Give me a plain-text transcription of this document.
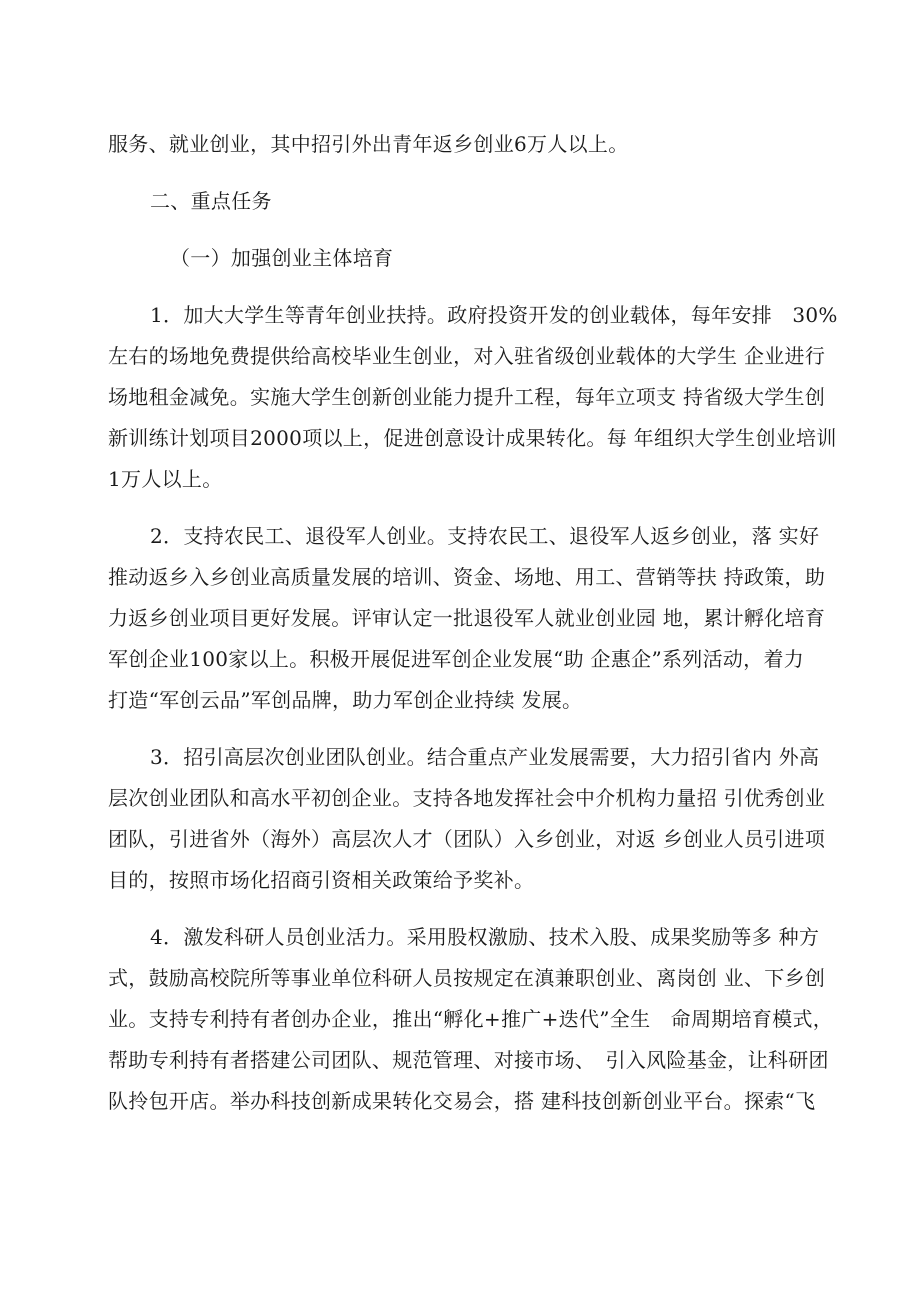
服务、就业创业，其中招引外出青年返乡创业6万人以上。

二、重点任务

（一）加强创业主体培育

1．加大大学生等青年创业扶持。政府投资开发的创业载体，每年安排　30%

左右的场地免费提供给高校毕业生创业，对入驻省级创业载体的大学生 企业进行

场地租金减免。实施大学生创新创业能力提升工程，每年立项支 持省级大学生创

新训练计划项目2000项以上，促进创意设计成果转化。每 年组织大学生创业培训

1万人以上。

2．支持农民工、退役军人创业。支持农民工、退役军人返乡创业，落 实好

推动返乡入乡创业高质量发展的培训、资金、场地、用工、营销等扶 持政策，助

力返乡创业项目更好发展。评审认定一批退役军人就业创业园 地，累计孵化培育

军创企业100家以上。积极开展促进军创企业发展“助 企惠企”系列活动，着力

打造“军创云品”军创品牌，助力军创企业持续 发展。

3．招引高层次创业团队创业。结合重点产业发展需要，大力招引省内 外高

层次创业团队和高水平初创企业。支持各地发挥社会中介机构力量招 引优秀创业

团队，引进省外（海外）高层次人才（团队）入乡创业，对返 乡创业人员引进项

目的，按照市场化招商引资相关政策给予奖补。

4．激发科研人员创业活力。采用股权激励、技术入股、成果奖励等多 种方

式，鼓励高校院所等事业单位科研人员按规定在滇兼职创业、离岗创 业、下乡创

业。支持专利持有者创办企业，推出“孵化+推广+迭代”全生　命周期培育模式，

帮助专利持有者搭建公司团队、规范管理、对接市场、　引入风险基金，让科研团

队拎包开店。举办科技创新成果转化交易会，搭 建科技创新创业平台。探索“飞
